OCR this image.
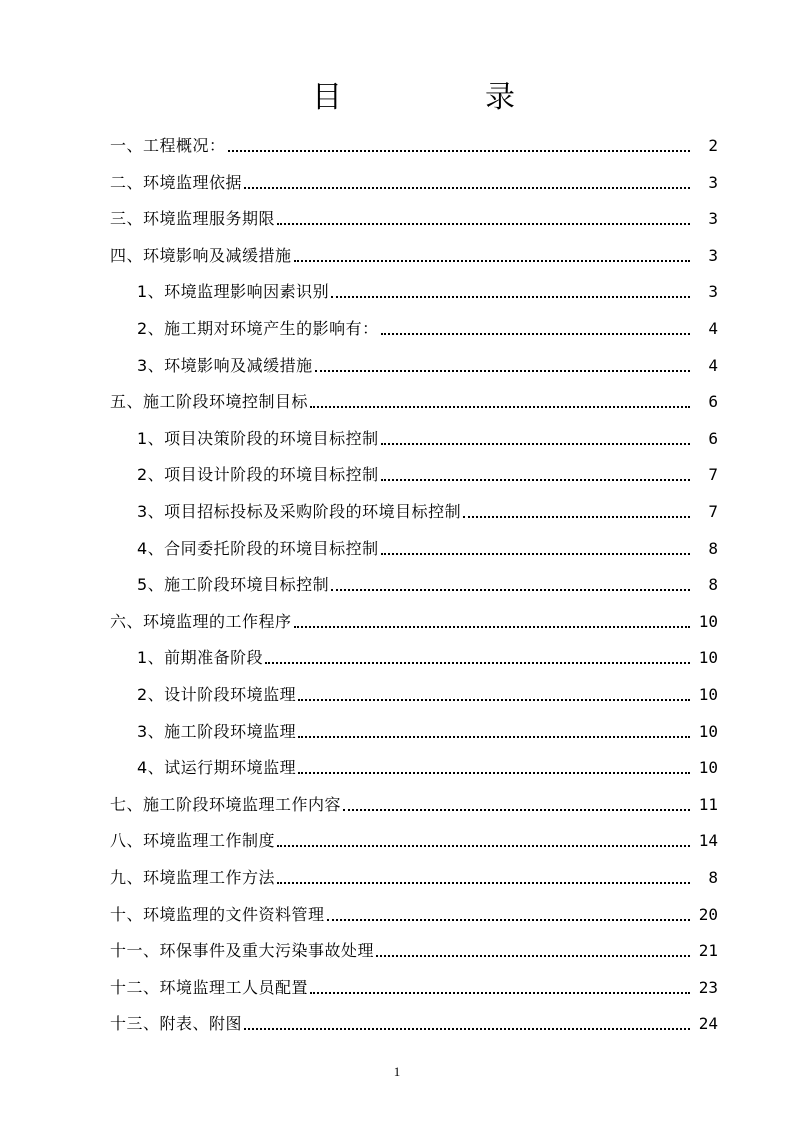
目	录
一、工程概况：	2
二、环境监理依据	3
三、环境监理服务期限	3
四、环境影响及减缓措施	3
1、环境监理影响因素识别	3
2、施工期对环境产生的影响有：	4
3、环境影响及减缓措施	4
五、施工阶段环境控制目标	6
1、项目决策阶段的环境目标控制	6
2、项目设计阶段的环境目标控制	7
3、项目招标投标及采购阶段的环境目标控制	7
4、合同委托阶段的环境目标控制	8
5、施工阶段环境目标控制	8
六、环境监理的工作程序	10
1、前期准备阶段	10
2、设计阶段环境监理	10
3、施工阶段环境监理	10
4、试运行期环境监理	10
七、施工阶段环境监理工作内容	11
八、环境监理工作制度	14
九、环境监理工作方法	8
十、环境监理的文件资料管理	20
十一、环保事件及重大污染事故处理	21
十二、环境监理工人员配置	23
十三、附表、附图	24
1
